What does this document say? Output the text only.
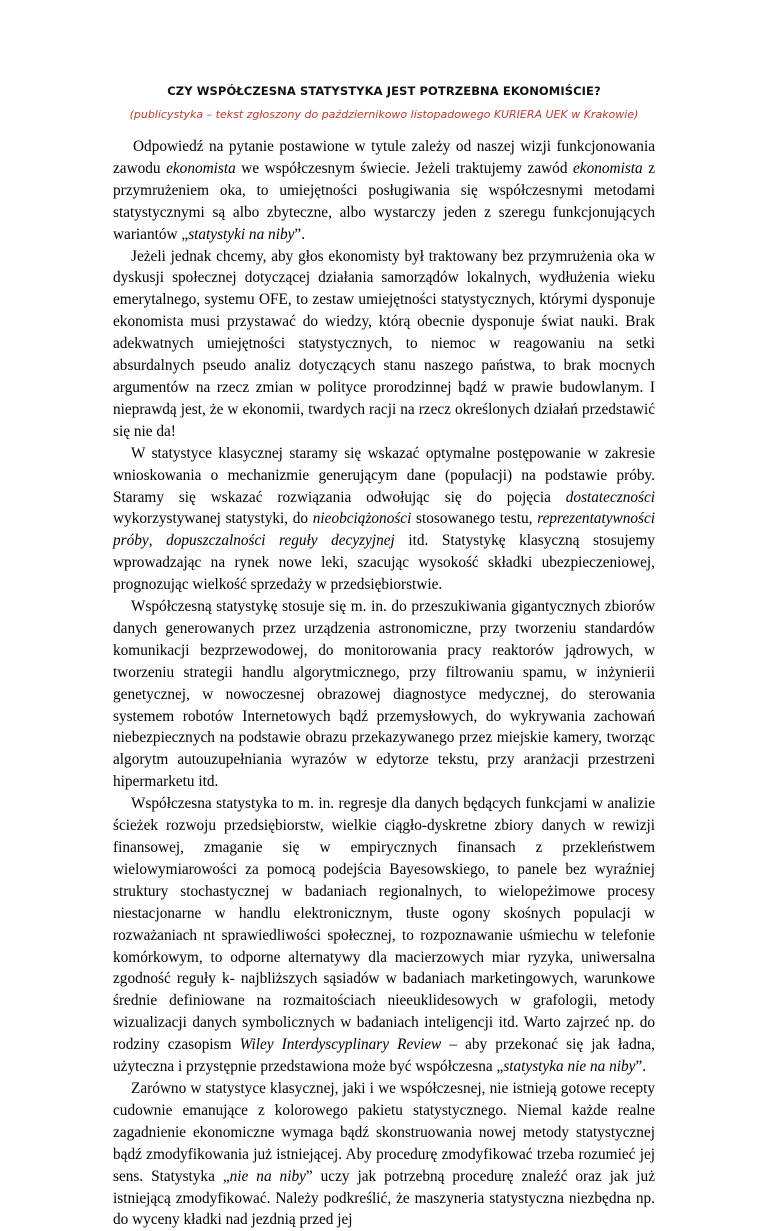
CZY WSPÓŁCZESNA STATYSTYKA JEST POTRZEBNA EKONOMIŚCIE?
(publicystyka – tekst zgłoszony do październikowo listopadowego KURIERA UEK w Krakowie)

Odpowiedź na pytanie postawione w tytule zależy od naszej wizji funkcjonowania zawodu ekonomista we współczesnym świecie. Jeżeli traktujemy zawód ekonomista z przymrużeniem oka, to umiejętności posługiwania się współczesnymi metodami statystycznymi są albo zbyteczne, albo wystarczy jeden z szeregu funkcjonujących wariantów „statystyki na niby”.

Jeżeli jednak chcemy, aby głos ekonomisty był traktowany bez przymrużenia oka w dyskusji społecznej dotyczącej działania samorządów lokalnych, wydłużenia wieku emerytalnego, systemu OFE, to zestaw umiejętności statystycznych, którymi dysponuje ekonomista musi przystawać do wiedzy, którą obecnie dysponuje świat nauki. Brak adekwatnych umiejętności statystycznych, to niemoc w reagowaniu na setki absurdalnych pseudo analiz dotyczących stanu naszego państwa, to brak mocnych argumentów na rzecz zmian w polityce prorodzinnej bądź w prawie budowlanym. I nieprawdą jest, że w ekonomii, twardych racji na rzecz określonych działań przedstawić się nie da!

W statystyce klasycznej staramy się wskazać optymalne postępowanie w zakresie wnioskowania o mechanizmie generującym dane (populacji) na podstawie próby. Staramy się wskazać rozwiązania odwołując się do pojęcia dostateczności wykorzystywanej statystyki, do nieobciążoności stosowanego testu, reprezentatywności próby, dopuszczalności reguły decyzyjnej itd. Statystykę klasyczną stosujemy wprowadzając na rynek nowe leki, szacując wysokość składki ubezpieczeniowej, prognozując wielkość sprzedaży w przedsiębiorstwie.

Współczesną statystykę stosuje się m. in. do przeszukiwania gigantycznych zbiorów danych generowanych przez urządzenia astronomiczne, przy tworzeniu standardów komunikacji bezprzewodowej, do monitorowania pracy reaktorów jądrowych, w tworzeniu strategii handlu algorytmicznego, przy filtrowaniu spamu, w inżynierii genetycznej, w nowoczesnej obrazowej diagnostyce medycznej, do sterowania systemem robotów Internetowych bądź przemysłowych, do wykrywania zachowań niebezpiecznych na podstawie obrazu przekazywanego przez miejskie kamery, tworząc algorytm autouzupełniania wyrazów w edytorze tekstu, przy aranżacji przestrzeni hipermarketu itd.

Współczesna statystyka to m. in. regresje dla danych będących funkcjami w analizie ścieżek rozwoju przedsiębiorstw, wielkie ciągło-dyskretne zbiory danych w rewizji finansowej, zmaganie się w empirycznych finansach z przekleństwem wielowymiarowości za pomocą podejścia Bayesowskiego, to panele bez wyraźniej struktury stochastycznej w badaniach regionalnych, to wielореżimowe procesy niestacjonarne w handlu elektronicznym, tłuste ogony skośnych populacji w rozważaniach nt sprawiedliwości społecznej, to rozpoznawanie uśmiechu w telefonie komórkowym, to odporne alternatywy dla macierzowych miar ryzyka, uniwersalna zgodność reguły k- najbliższych sąsiadów w badaniach marketingowych, warunkowe średnie definiowane na rozmaitościach nieeuklidesowych w grafologii, metody wizualizacji danych symbolicznych w badaniach inteligencji itd. Warto zajrzeć np. do rodziny czasopism Wiley Interdyscyplinary Review – aby przekonać się jak ładna, użyteczna i przystępnie przedstawiona może być współczesna „statystyka nie na niby”.

Zarówno w statystyce klasycznej, jaki i we współczesnej, nie istnieją gotowe recepty cudownie emanujące z kolorowego pakietu statystycznego. Niemal każde realne zagadnienie ekonomiczne wymaga bądź skonstruowania nowej metody statystycznej bądź zmodyfikowania już istniejącej. Aby procedurę zmodyfikować trzeba rozumieć jej sens. Statystyka „nie na niby” uczy jak potrzebną procedurę znaleźć oraz jak już istniejącą zmodyfikować. Należy podkreślić, że maszyneria statystyczna niezbędna np. do wyceny kładki nad jezdnią przed jej
